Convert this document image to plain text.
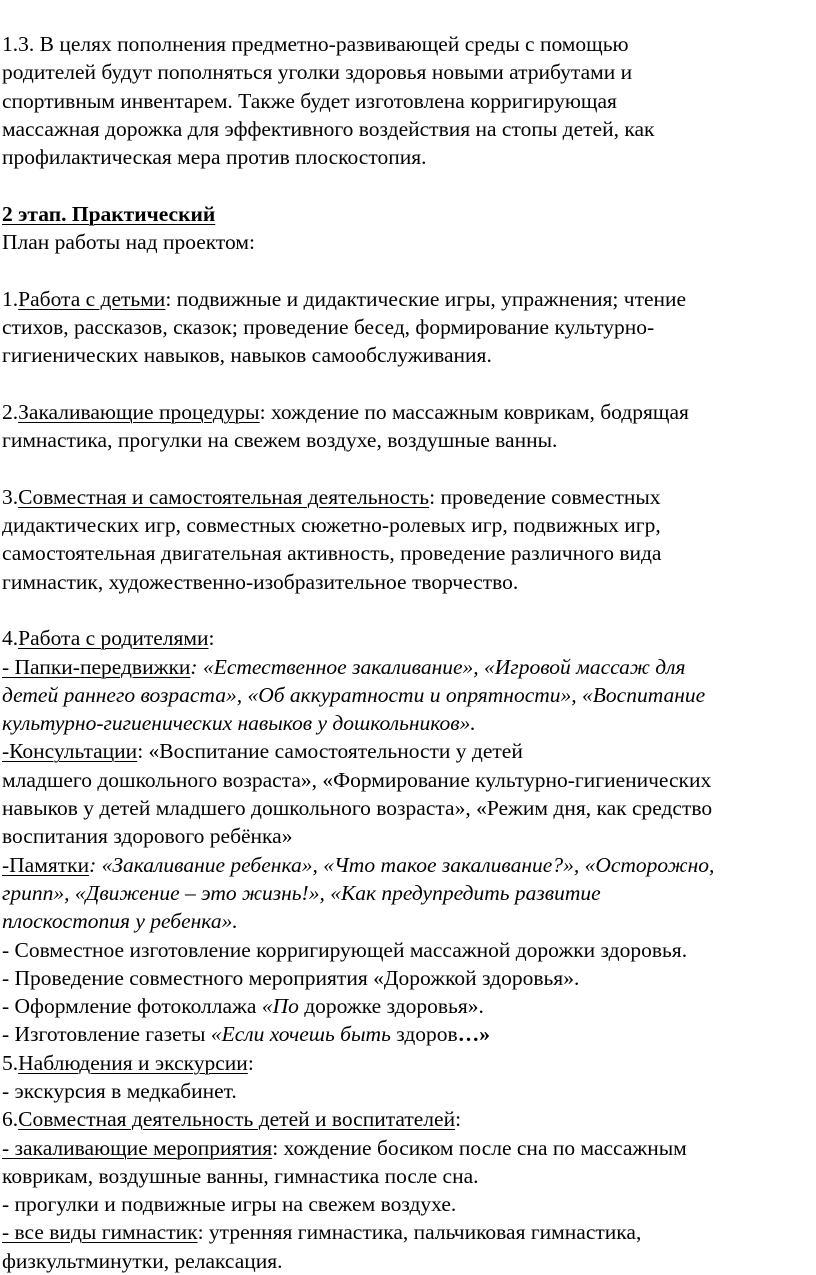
1.3. В целях пополнения предметно-развивающей среды с помощью
родителей будут пополняться уголки здоровья новыми атрибутами и
спортивным инвентарем. Также будет изготовлена корригирующая
массажная дорожка для эффективного воздействия на стопы детей, как
профилактическая мера против плоскостопия.
2 этап. Практический
План работы над проектом:
1.Работа с детьми: подвижные и дидактические игры, упражнения; чтение
стихов, рассказов, сказок; проведение бесед, формирование культурно-
гигиенических навыков, навыков самообслуживания.
2.Закаливающие процедуры: хождение по массажным коврикам, бодрящая
гимнастика, прогулки на свежем воздухе, воздушные ванны.
3.Совместная и самостоятельная деятельность: проведение совместных
дидактических игр, совместных сюжетно-ролевых игр, подвижных игр,
самостоятельная двигательная активность, проведение различного вида
гимнастик, художественно-изобразительное творчество.
4.Работа с родителями:
- Папки-передвижки: «Естественное закаливание», «Игровой массаж для
детей раннего возраста», «Об аккуратности и опрятности», «Воспитание
культурно-гигиенических навыков у дошкольников».
-Консультации: «Воспитание самостоятельности у детей
младшего дошкольного возраста», «Формирование культурно-гигиенических
навыков у детей младшего дошкольного возраста», «Режим дня, как средство
воспитания здорового ребёнка»
-Памятки: «Закаливание ребенка», «Что такое закаливание?», «Осторожно,
грипп», «Движение – это жизнь!», «Как предупредить развитие
плоскостопия у ребенка».
- Совместное изготовление корригирующей массажной дорожки здоровья.
- Проведение совместного мероприятия «Дорожкой здоровья».
- Оформление фотоколлажа «По дорожке здоровья».
- Изготовление газеты «Если хочешь быть здоров…»
5.Наблюдения и экскурсии:
- экскурсия в медкабинет.
6.Совместная деятельность детей и воспитателей:
- закаливающие мероприятия: хождение босиком после сна по массажным
коврикам, воздушные ванны, гимнастика после сна.
- прогулки и подвижные игры на свежем воздухе.
- все виды гимнастик: утренняя гимнастика, пальчиковая гимнастика,
физкультминутки, релаксация.
